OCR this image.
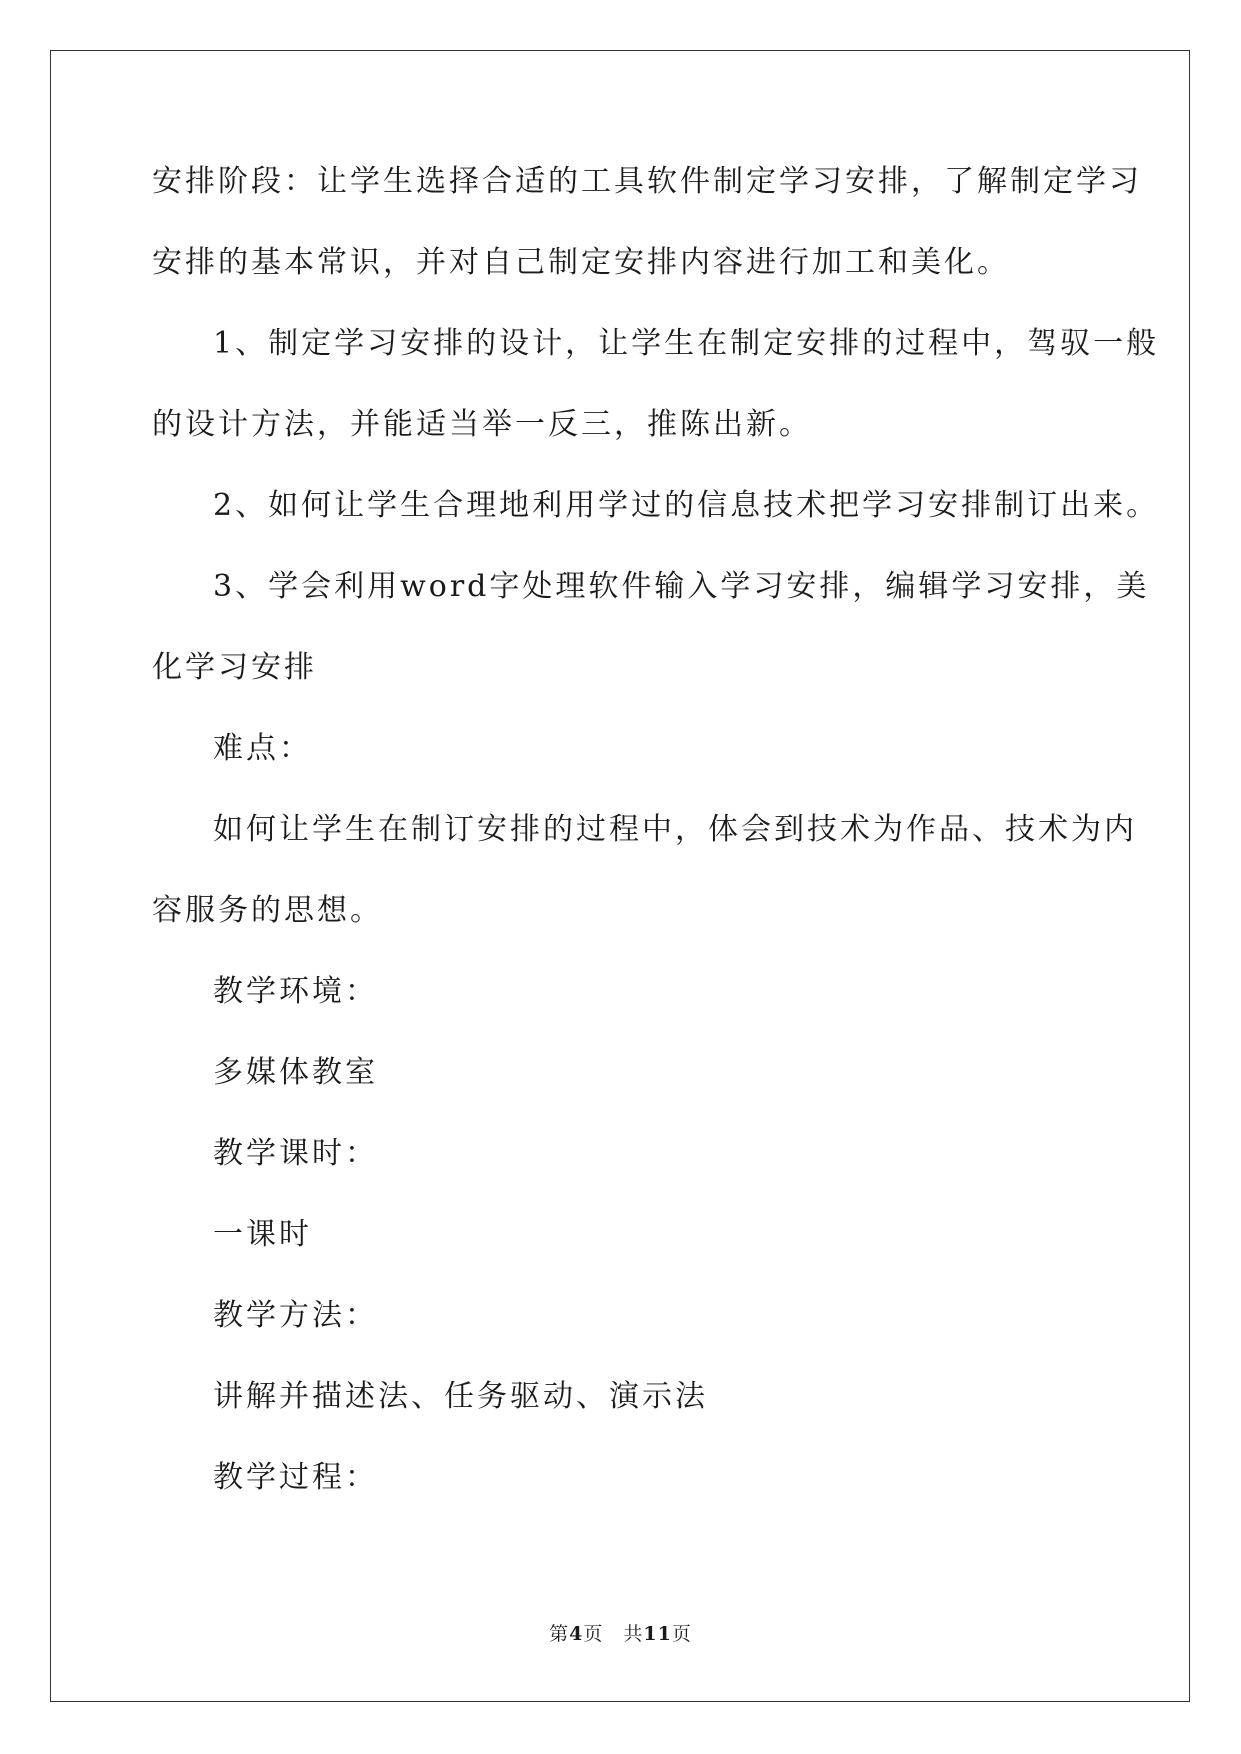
安排阶段：让学生选择合适的工具软件制定学习安排，了解制定学习
安排的基本常识，并对自己制定安排内容进行加工和美化。
1、制定学习安排的设计，让学生在制定安排的过程中，驾驭一般
的设计方法，并能适当举一反三，推陈出新。
2、如何让学生合理地利用学过的信息技术把学习安排制订出来。
3、学会利用word字处理软件输入学习安排，编辑学习安排，美
化学习安排
难点：
如何让学生在制订安排的过程中，体会到技术为作品、技术为内
容服务的思想。
教学环境：
多媒体教室
教学课时：
一课时
教学方法：
讲解并描述法、任务驱动、演示法
教学过程：
第4页 共11页
